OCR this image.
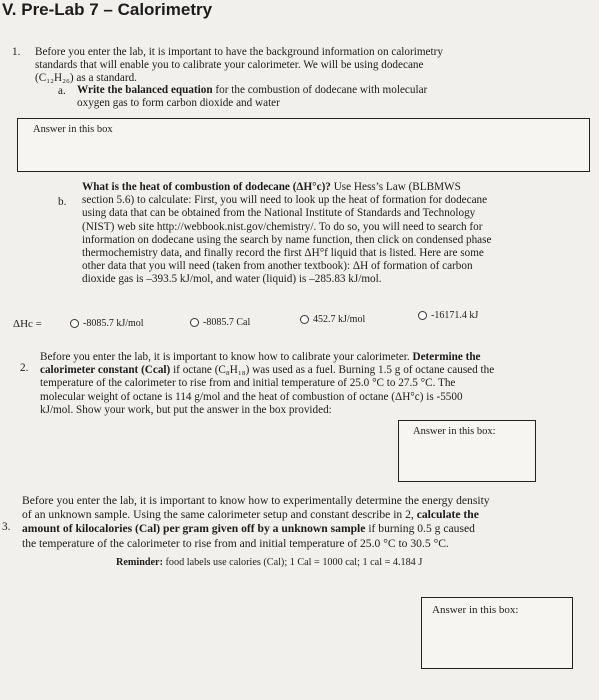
V. Pre-Lab 7 – Calorimetry
1. Before you enter the lab, it is important to have the background information on calorimetry
standards that will enable you to calibrate your calorimeter. We will be using dodecane
(C₁₂H₂₆) as a standard.
a. Write the balanced equation for the combustion of dodecane with molecular
oxygen gas to form carbon dioxide and water
Answer in this box
b.
What is the heat of combustion of dodecane (ΔH°c)? Use Hess’s Law (BLBMWS
section 5.6) to calculate: First, you will need to look up the heat of formation for dodecane
using data that can be obtained from the National Institute of Standards and Technology
(NIST) web site http://webbook.nist.gov/chemistry/. To do so, you will need to search for
information on dodecane using the search by name function, then click on condensed phase
thermochemistry data, and finally record the first ΔH°f liquid that is listed. Here are some
other data that you will need (taken from another textbook): ΔH of formation of carbon
dioxide gas is –393.5 kJ/mol, and water (liquid) is –285.83 kJ/mol.
ΔHc =	-8085.7 kJ/mol	-8085.7 Cal	452.7 kJ/mol	-16171.4 kJ
2.
Before you enter the lab, it is important to know how to calibrate your calorimeter. Determine the
calorimeter constant (Ccal) if octane (C₈H₁₈) was used as a fuel. Burning 1.5 g of octane caused the
temperature of the calorimeter to rise from and initial temperature of 25.0 °C to 27.5 °C. The
molecular weight of octane is 114 g/mol and the heat of combustion of octane (ΔH°c) is -5500
kJ/mol. Show your work, but put the answer in the box provided:
Answer in this box:
3.
Before you enter the lab, it is important to know how to experimentally determine the energy density
of an unknown sample. Using the same calorimeter setup and constant describe in 2, calculate the
amount of kilocalories (Cal) per gram given off by a unknown sample if burning 0.5 g caused
the temperature of the calorimeter to rise from and initial temperature of 25.0 °C to 30.5 °C.
Reminder: food labels use calories (Cal); 1 Cal = 1000 cal; 1 cal = 4.184 J
Answer in this box:
